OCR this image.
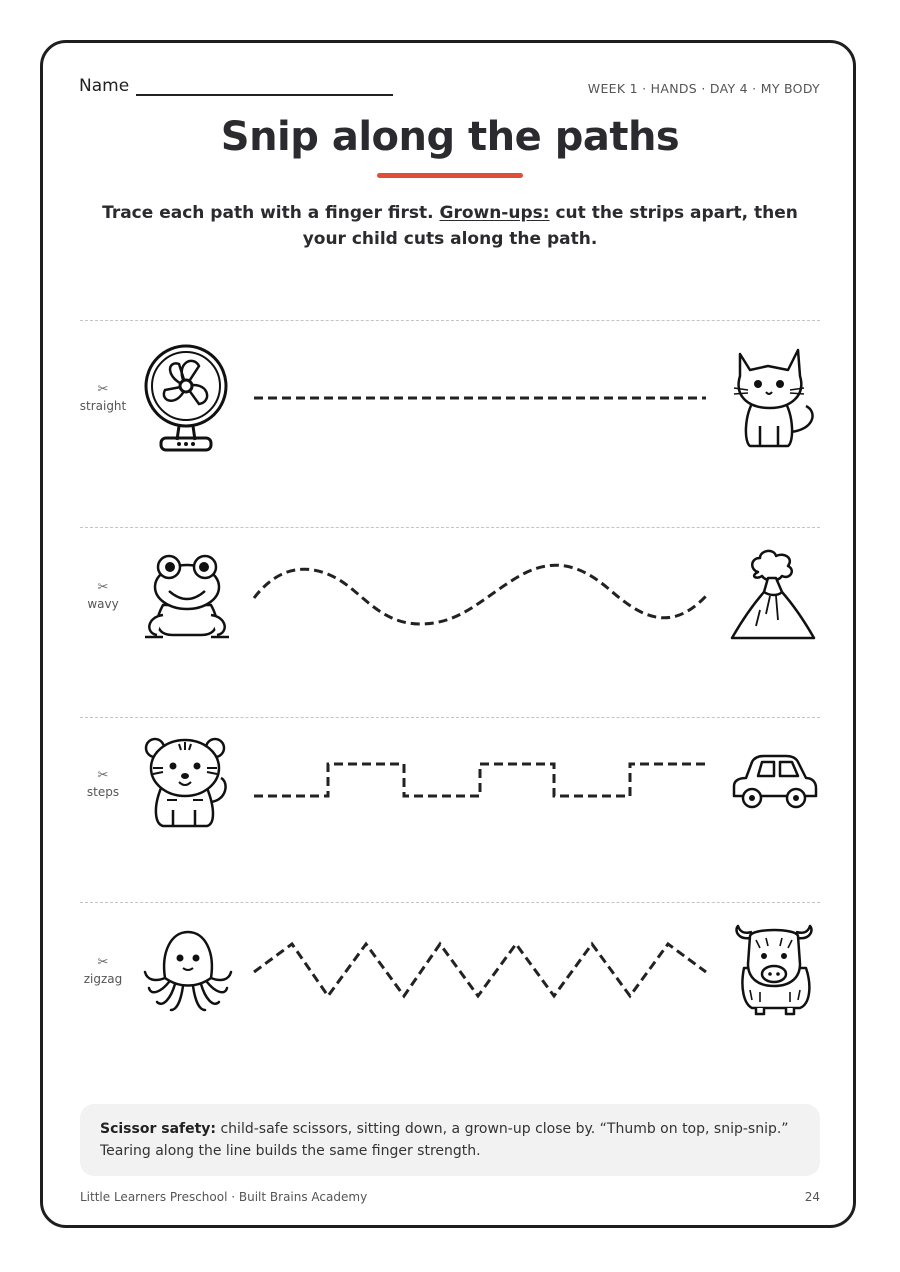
Name	WEEK 1 · HANDS · DAY 4 · MY BODY
Snip along the paths
Trace each path with a finger first. Grown-ups: cut the strips apart, then your child cuts along the path.
✂
straight
✂
wavy
✂
steps
✂
zigzag
Scissor safety: child-safe scissors, sitting down, a grown-up close by. “Thumb on top, snip-snip.” Tearing along the line builds the same finger strength.
Little Learners Preschool · Built Brains Academy	24
